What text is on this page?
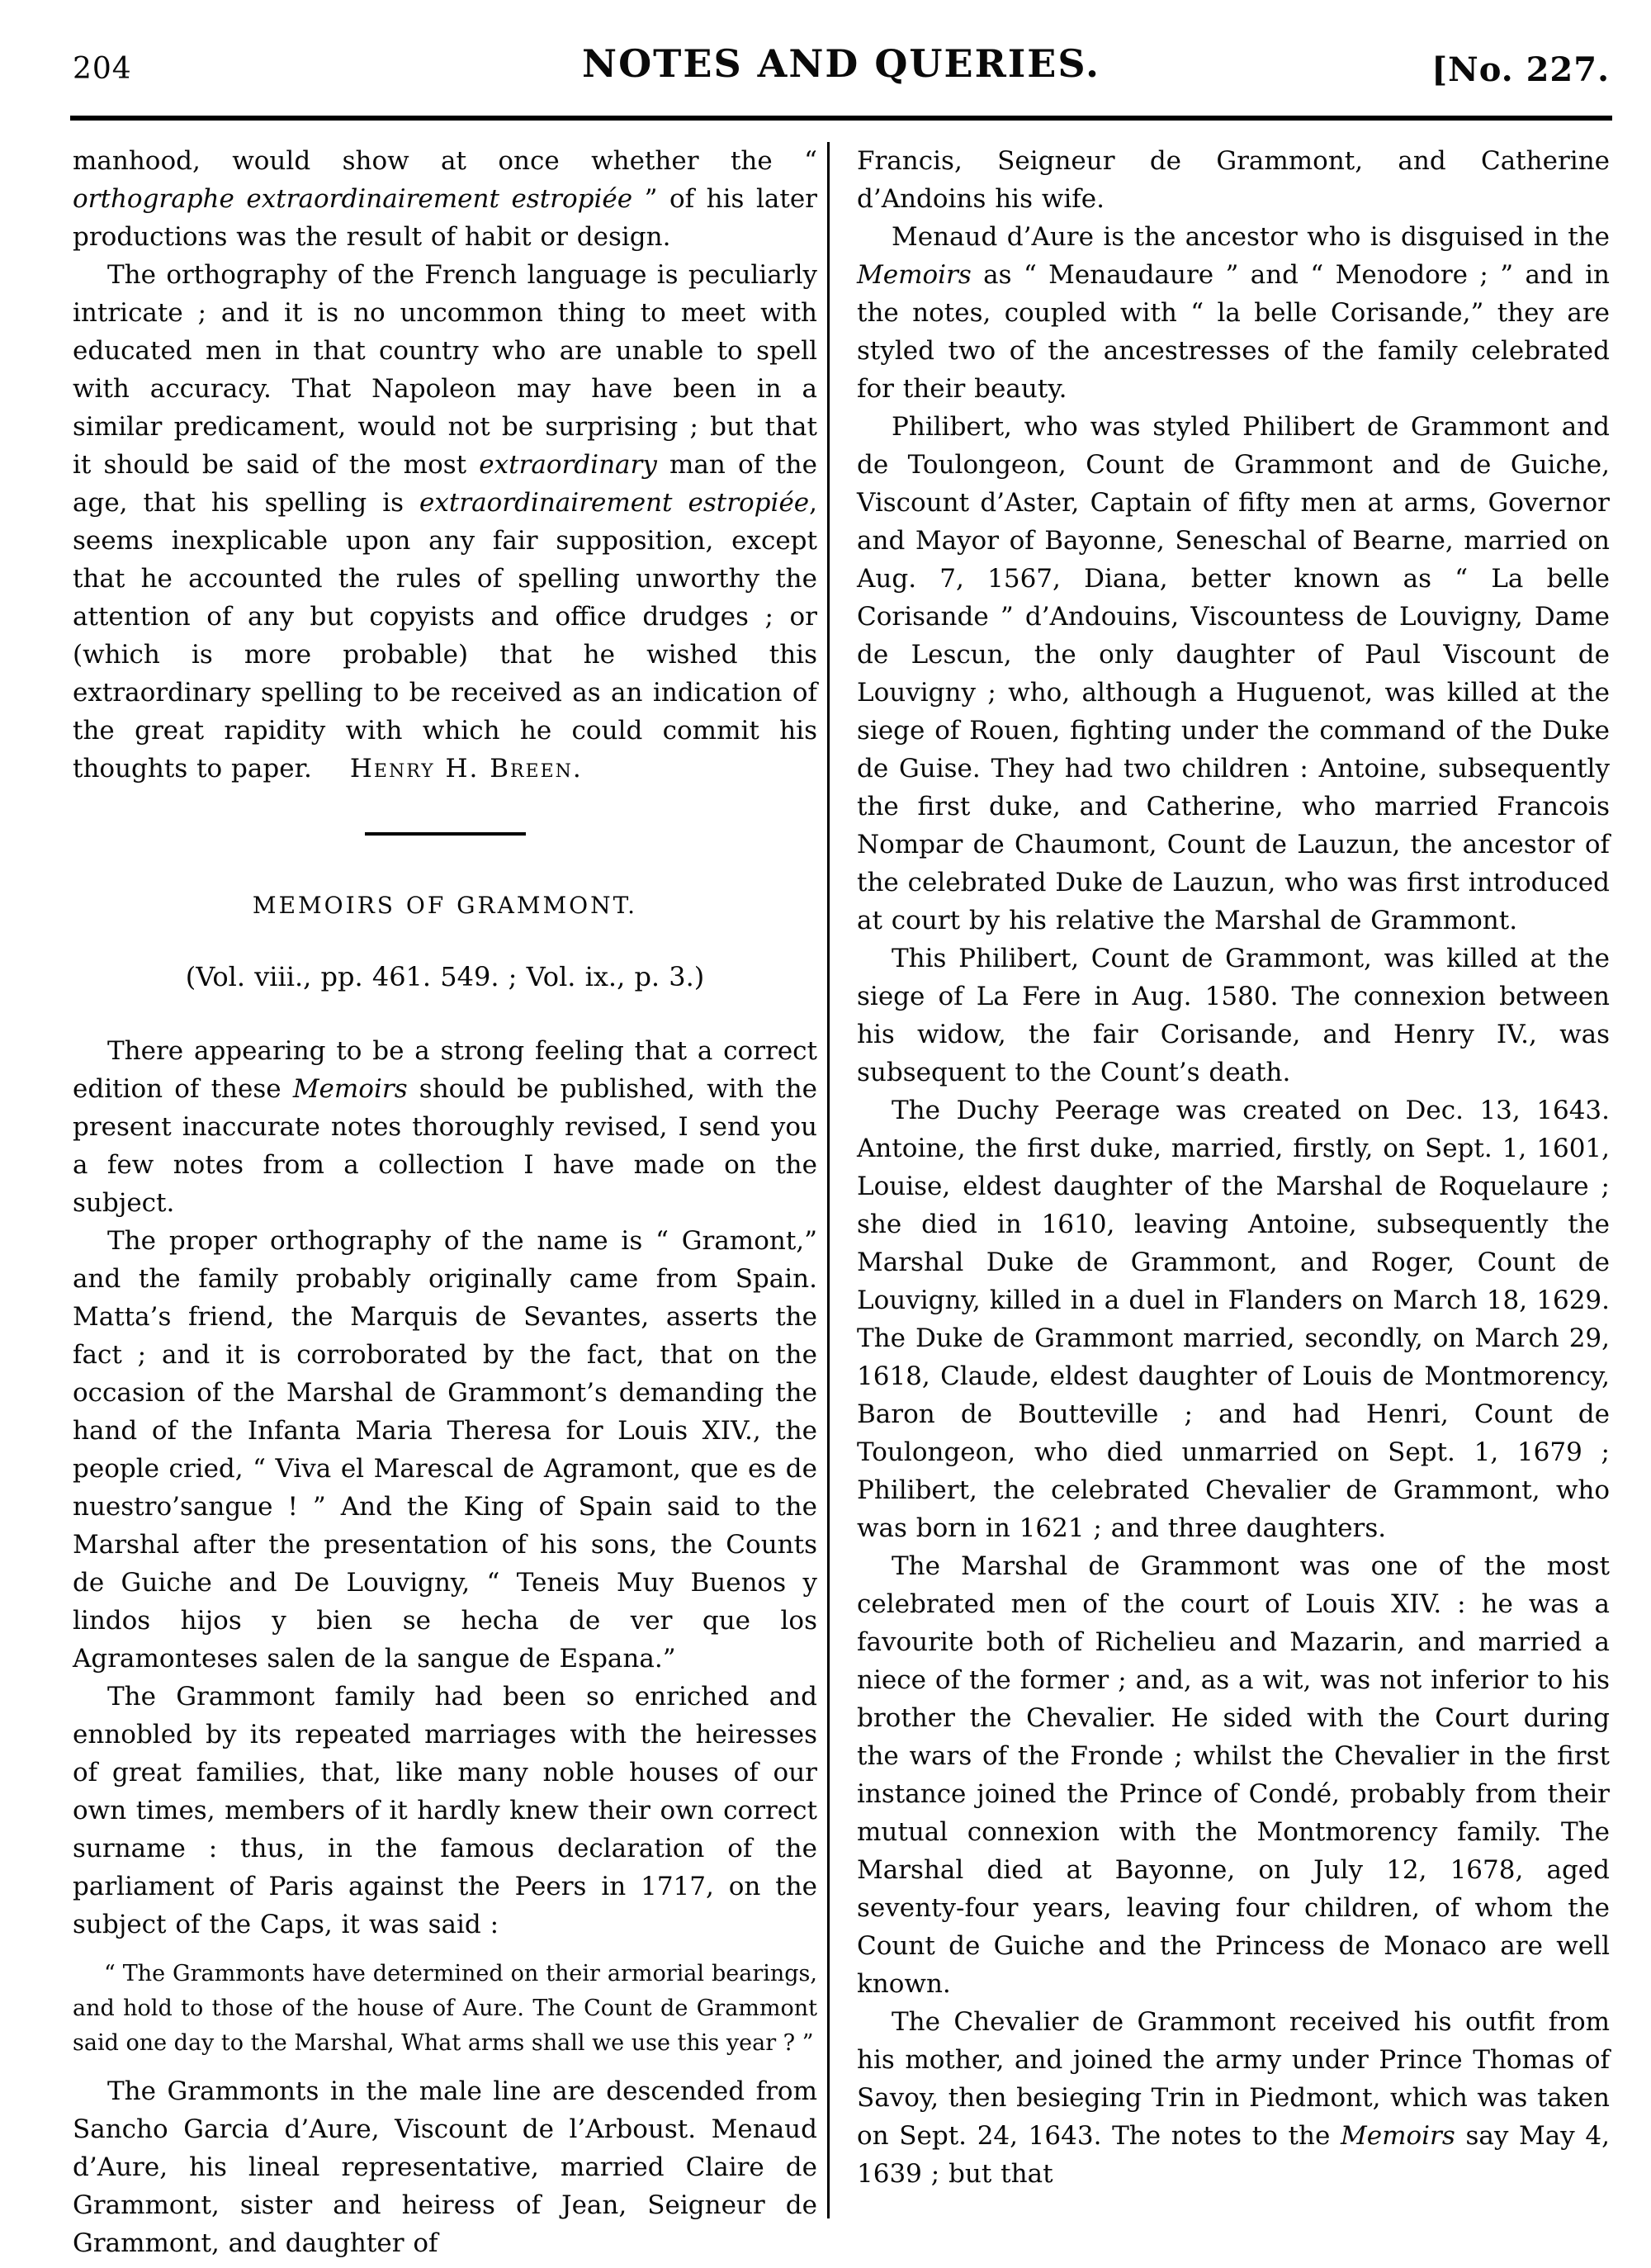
204	NOTES AND QUERIES.	[No. 227.

manhood, would show at once whether the “ orthographe extraordinairement estropiée ” of his later productions was the result of habit or design.

The orthography of the French language is peculiarly intricate ; and it is no uncommon thing to meet with educated men in that country who are unable to spell with accuracy. That Napoleon may have been in a similar predicament, would not be surprising ; but that it should be said of the most extraordinary man of the age, that his spelling is extraordinairement estropiée, seems inexplicable upon any fair supposition, except that he accounted the rules of spelling unworthy the attention of any but copyists and office drudges ; or (which is more probable) that he wished this extraordinary spelling to be received as an indication of the great rapidity with which he could commit his thoughts to paper. Henry H. Breen.

MEMOIRS OF GRAMMONT.

(Vol. viii., pp. 461. 549. ; Vol. ix., p. 3.)

There appearing to be a strong feeling that a correct edition of these Memoirs should be published, with the present inaccurate notes thoroughly revised, I send you a few notes from a collection I have made on the subject.

The proper orthography of the name is “ Gramont,” and the family probably originally came from Spain. Matta’s friend, the Marquis de Sevantes, asserts the fact ; and it is corroborated by the fact, that on the occasion of the Marshal de Grammont’s demanding the hand of the Infanta Maria Theresa for Louis XIV., the people cried, “ Viva el Marescal de Agramont, que es de nuestro’sangue ! ” And the King of Spain said to the Marshal after the presentation of his sons, the Counts de Guiche and De Louvigny, “ Teneis Muy Buenos y lindos hijos y bien se hecha de ver que los Agramonteses salen de la sangue de Espana.”

The Grammont family had been so enriched and ennobled by its repeated marriages with the heiresses of great families, that, like many noble houses of our own times, members of it hardly knew their own correct surname : thus, in the famous declaration of the parliament of Paris against the Peers in 1717, on the subject of the Caps, it was said :

“ The Grammonts have determined on their armorial bearings, and hold to those of the house of Aure. The Count de Grammont said one day to the Marshal, What arms shall we use this year ? ”

The Grammonts in the male line are descended from Sancho Garcia d’Aure, Viscount de l’Arboust. Menaud d’Aure, his lineal representative, married Claire de Grammont, sister and heiress of Jean, Seigneur de Grammont, and daughter of

Francis, Seigneur de Grammont, and Catherine d’Andoins his wife.

Menaud d’Aure is the ancestor who is disguised in the Memoirs as “ Menaudaure ” and “ Menodore ; ” and in the notes, coupled with “ la belle Corisande,” they are styled two of the ancestresses of the family celebrated for their beauty.

Philibert, who was styled Philibert de Grammont and de Toulongeon, Count de Grammont and de Guiche, Viscount d’Aster, Captain of fifty men at arms, Governor and Mayor of Bayonne, Seneschal of Bearne, married on Aug. 7, 1567, Diana, better known as “ La belle Corisande ” d’Andouins, Viscountess de Louvigny, Dame de Lescun, the only daughter of Paul Viscount de Louvigny ; who, although a Huguenot, was killed at the siege of Rouen, fighting under the command of the Duke de Guise. They had two children : Antoine, subsequently the first duke, and Catherine, who married Francois Nompar de Chaumont, Count de Lauzun, the ancestor of the celebrated Duke de Lauzun, who was first introduced at court by his relative the Marshal de Grammont.

This Philibert, Count de Grammont, was killed at the siege of La Fere in Aug. 1580. The connexion between his widow, the fair Corisande, and Henry IV., was subsequent to the Count’s death.

The Duchy Peerage was created on Dec. 13, 1643. Antoine, the first duke, married, firstly, on Sept. 1, 1601, Louise, eldest daughter of the Marshal de Roquelaure ; she died in 1610, leaving Antoine, subsequently the Marshal Duke de Grammont, and Roger, Count de Louvigny, killed in a duel in Flanders on March 18, 1629. The Duke de Grammont married, secondly, on March 29, 1618, Claude, eldest daughter of Louis de Montmorency, Baron de Boutteville ; and had Henri, Count de Toulongeon, who died unmarried on Sept. 1, 1679 ; Philibert, the celebrated Chevalier de Grammont, who was born in 1621 ; and three daughters.

The Marshal de Grammont was one of the most celebrated men of the court of Louis XIV. : he was a favourite both of Richelieu and Mazarin, and married a niece of the former ; and, as a wit, was not inferior to his brother the Chevalier. He sided with the Court during the wars of the Fronde ; whilst the Chevalier in the first instance joined the Prince of Condé, probably from their mutual connexion with the Montmorency family. The Marshal died at Bayonne, on July 12, 1678, aged seventy-four years, leaving four children, of whom the Count de Guiche and the Princess de Monaco are well known.

The Chevalier de Grammont received his outfit from his mother, and joined the army under Prince Thomas of Savoy, then besieging Trin in Piedmont, which was taken on Sept. 24, 1643. The notes to the Memoirs say May 4, 1639 ; but that
